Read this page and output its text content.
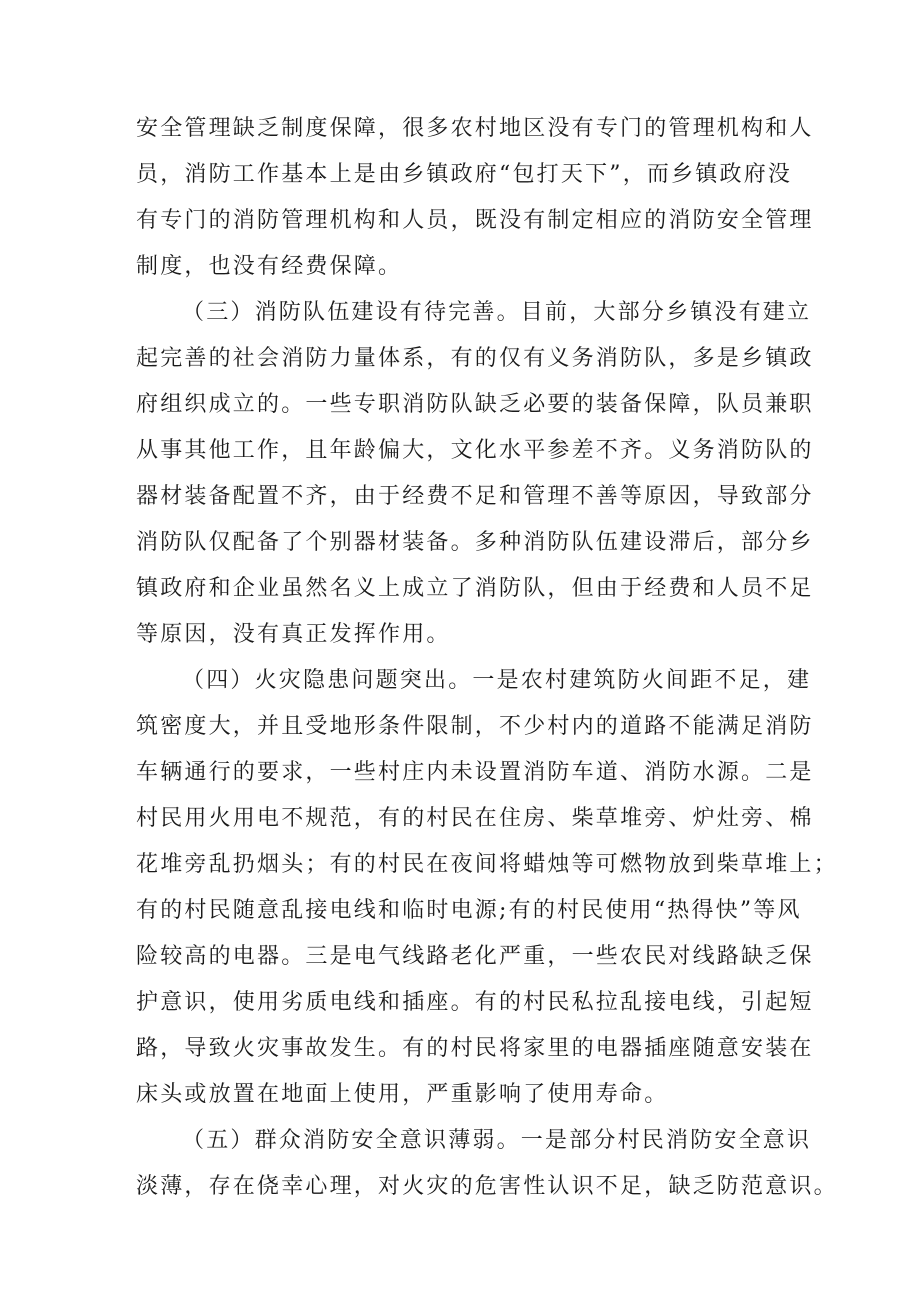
安全管理缺乏制度保障，很多农村地区没有专门的管理机构和人
员，消防工作基本上是由乡镇政府“包打天下”，而乡镇政府没
有专门的消防管理机构和人员，既没有制定相应的消防安全管理
制度，也没有经费保障。
（三）消防队伍建设有待完善。目前，大部分乡镇没有建立
起完善的社会消防力量体系，有的仅有义务消防队，多是乡镇政
府组织成立的。一些专职消防队缺乏必要的装备保障，队员兼职
从事其他工作，且年龄偏大，文化水平参差不齐。义务消防队的
器材装备配置不齐，由于经费不足和管理不善等原因，导致部分
消防队仅配备了个别器材装备。多种消防队伍建设滞后，部分乡
镇政府和企业虽然名义上成立了消防队，但由于经费和人员不足
等原因，没有真正发挥作用。
（四）火灾隐患问题突出。一是农村建筑防火间距不足，建
筑密度大，并且受地形条件限制，不少村内的道路不能满足消防
车辆通行的要求，一些村庄内未设置消防车道、消防水源。二是
村民用火用电不规范，有的村民在住房、柴草堆旁、炉灶旁、棉
花堆旁乱扔烟头；有的村民在夜间将蜡烛等可燃物放到柴草堆上；
有的村民随意乱接电线和临时电源;有的村民使用“热得快”等风
险较高的电器。三是电气线路老化严重，一些农民对线路缺乏保
护意识，使用劣质电线和插座。有的村民私拉乱接电线，引起短
路，导致火灾事故发生。有的村民将家里的电器插座随意安装在
床头或放置在地面上使用，严重影响了使用寿命。
（五）群众消防安全意识薄弱。一是部分村民消防安全意识
淡薄，存在侥幸心理，对火灾的危害性认识不足，缺乏防范意识。
